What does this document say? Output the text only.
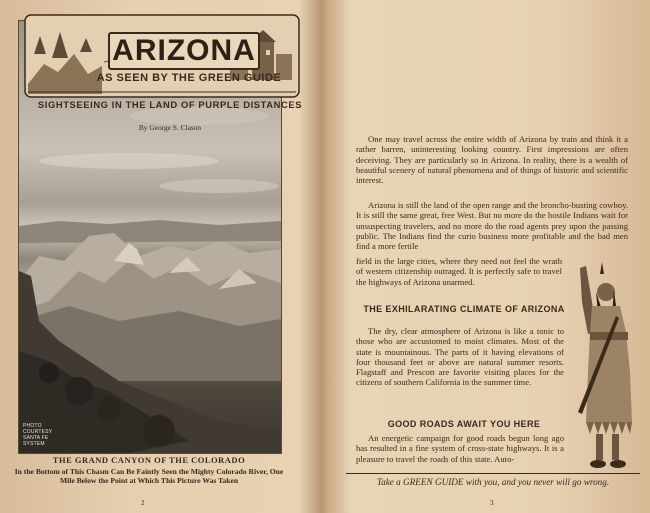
PHOTO COURTESY SANTA FE SYSTEM
THE GRAND CANYON OF THE COLORADO
In the Bottom of This Chasm Can Be Faintly Seen the Mighty Colorado River, One Mile Below the Point at Which This Picture Was Taken
2
ARIZONA
AS SEEN BY THE GREEN GUIDE
SIGHTSEEING IN THE LAND OF PURPLE DISTANCES
By George S. Clason
One may travel across the entire width of Arizona by train and think it a rather barren, uninteresting looking country. First impressions are often deceiving. They are particularly so in Arizona. In reality, there is a wealth of beautiful scenery of natural phenomena and of things of historic and scientific interest.
Arizona is still the land of the open range and the broncho-busting cowboy. It is still the same great, free West. But no more do the hostile Indians wait for unsuspecting travelers, and no more do the road agents prey upon the passing public. The Indians find the curio business more profitable and the bad men find a more fertile
field in the large cities, where they need not feel the wrath of western citizenship outraged. It is perfectly safe to travel the highways of Arizona unarmed.
THE EXHILARATING CLIMATE OF ARIZONA
The dry, clear atmosphere of Arizona is like a tonic to those who are accustomed to moist climates. Most of the state is mountainous. The parts of it having elevations of four thousand feet or above are natural summer resorts. Flagstaff and Prescott are favorite visiting places for the citizens of southern California in the summer time.
GOOD ROADS AWAIT YOU HERE
An energetic campaign for good roads begun long ago has resulted in a fine system of cross-state highways. It is a pleasure to travel the roads of this state. Auto-
Take a GREEN GUIDE with you, and you never will go wrong.
3
